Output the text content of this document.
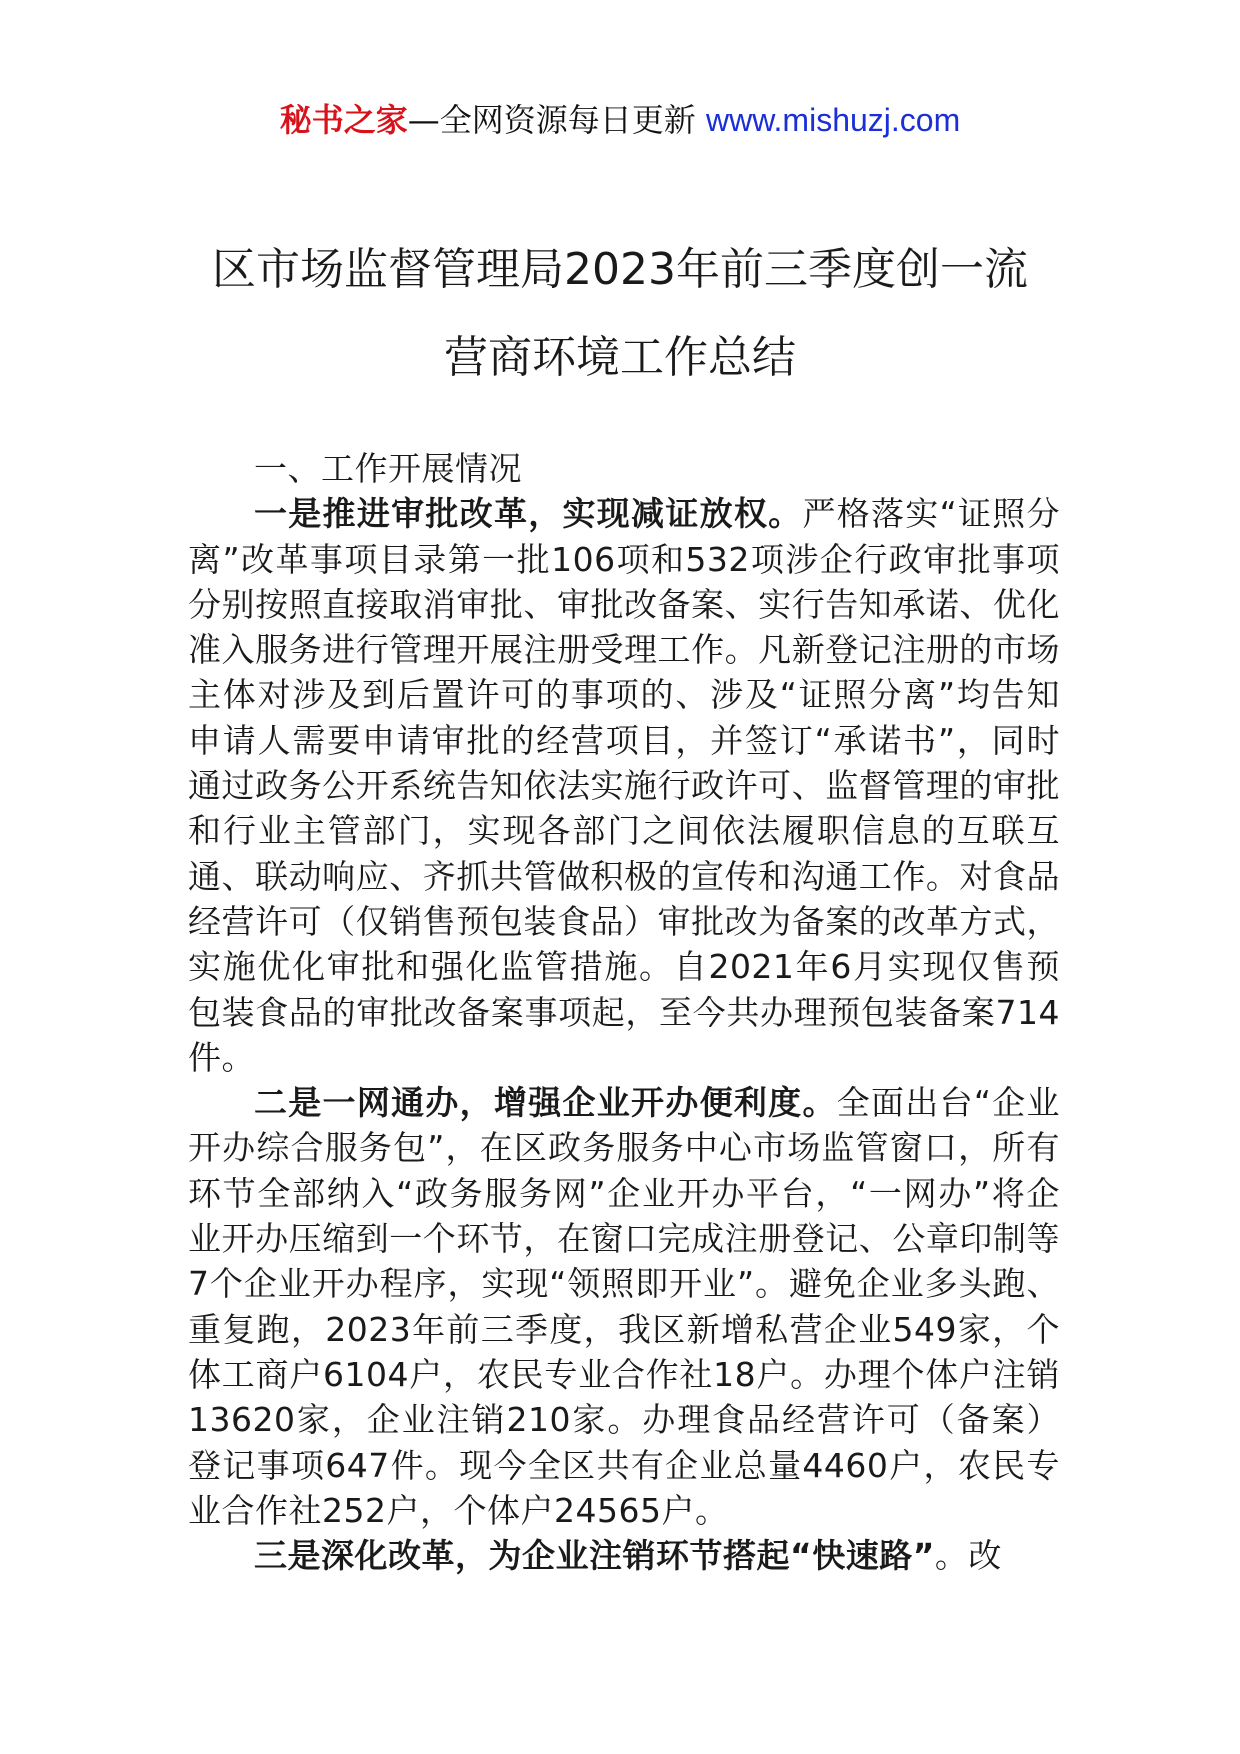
秘书之家—全网资源每日更新 www.mishuzj.com
区市场监督管理局2023年前三季度创一流
营商环境工作总结

一、工作开展情况

一是推进审批改革，实现减证放权。严格落实“证照分离”改革事项目录第一批106项和532项涉企行政审批事项分别按照直接取消审批、审批改备案、实行告知承诺、优化准入服务进行管理开展注册受理工作。凡新登记注册的市场主体对涉及到后置许可的事项的、涉及“证照分离”均告知申请人需要申请审批的经营项目，并签订“承诺书”，同时通过政务公开系统告知依法实施行政许可、监督管理的审批和行业主管部门，实现各部门之间依法履职信息的互联互通、联动响应、齐抓共管做积极的宣传和沟通工作。对食品经营许可（仅销售预包装食品）审批改为备案的改革方式，实施优化审批和强化监管措施。自2021年6月实现仅售预包装食品的审批改备案事项起，至今共办理预包装备案714件。

二是一网通办，增强企业开办便利度。全面出台“企业开办综合服务包”，在区政务服务中心市场监管窗口，所有环节全部纳入“政务服务网”企业开办平台，“一网办”将企业开办压缩到一个环节，在窗口完成注册登记、公章印制等7个企业开办程序，实现“领照即开业”。避免企业多头跑、重复跑，2023年前三季度，我区新增私营企业549家，个体工商户6104户，农民专业合作社18户。办理个体户注销13620家，企业注销210家。办理食品经营许可（备案）登记事项647件。现今全区共有企业总量4460户，农民专业合作社252户，个体户24565户。

三是深化改革，为企业注销环节搭起“快速路”。改
